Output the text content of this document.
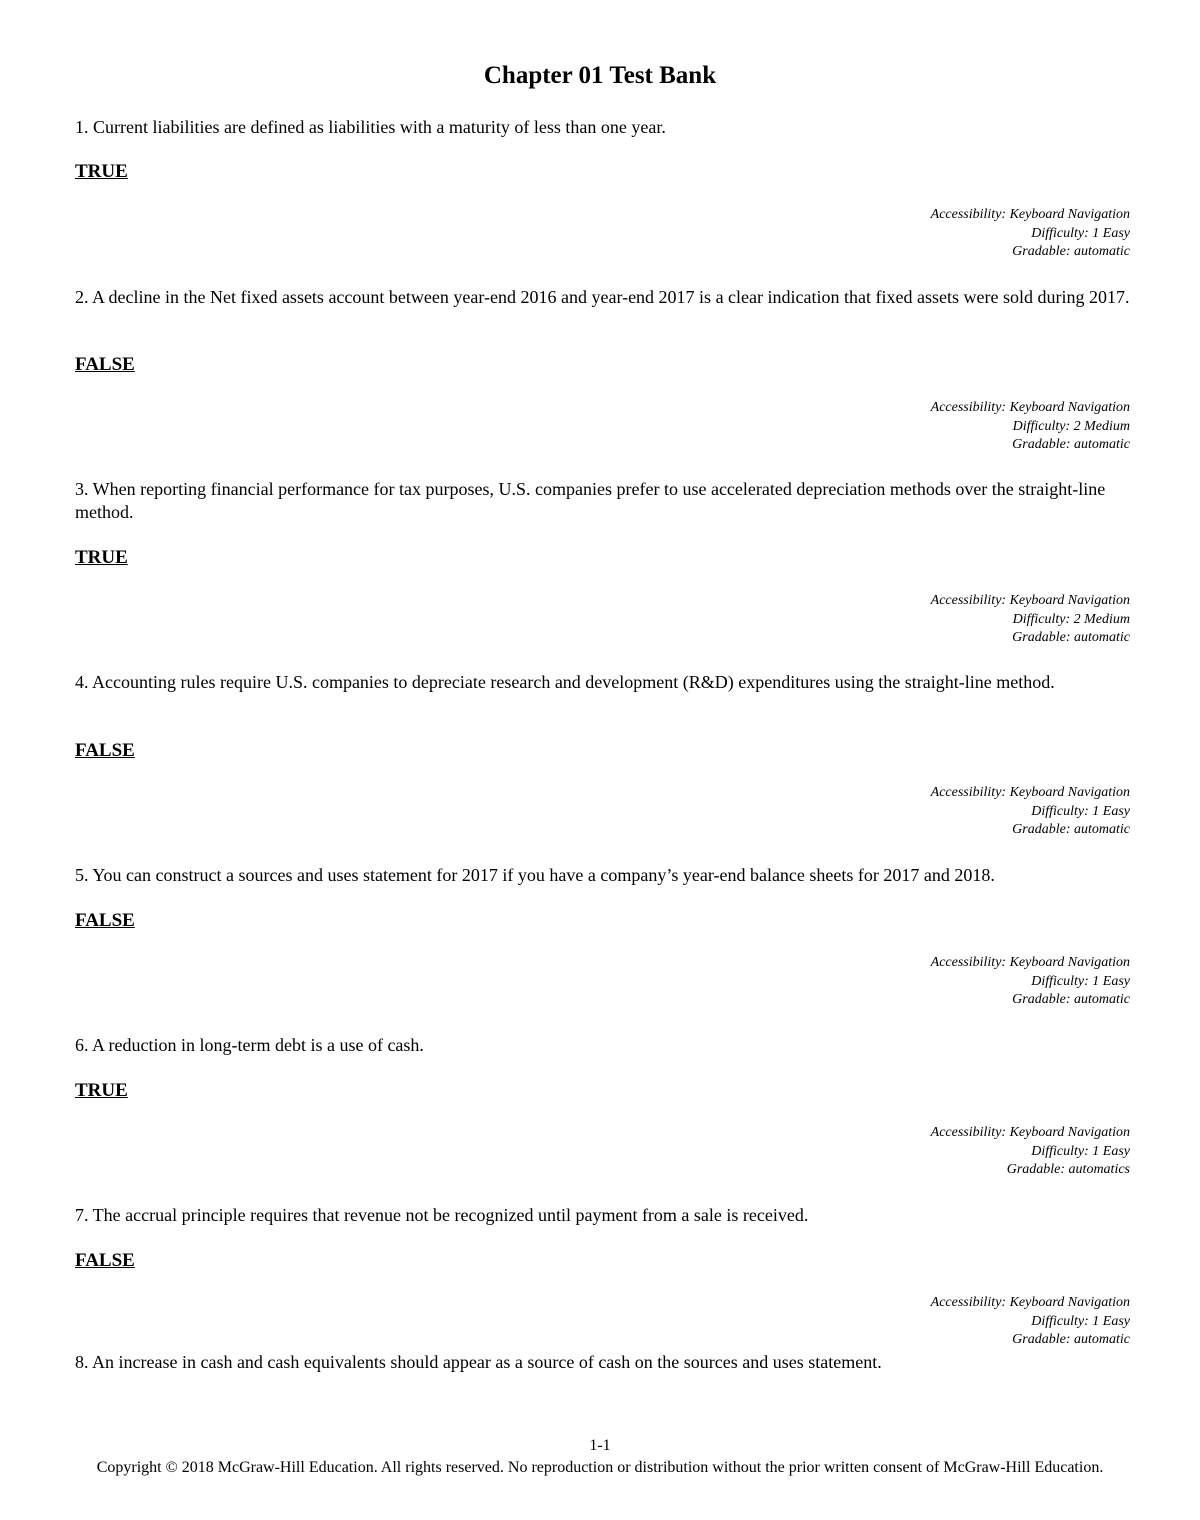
Chapter 01 Test Bank
1. Current liabilities are defined as liabilities with a maturity of less than one year.
TRUE
Accessibility: Keyboard Navigation
Difficulty: 1 Easy
Gradable: automatic
2. A decline in the Net fixed assets account between year-end 2016 and year-end 2017 is a clear indication that fixed assets were sold during 2017.
FALSE
Accessibility: Keyboard Navigation
Difficulty: 2 Medium
Gradable: automatic
3. When reporting financial performance for tax purposes, U.S. companies prefer to use accelerated depreciation methods over the straight-line method.
TRUE
Accessibility: Keyboard Navigation
Difficulty: 2 Medium
Gradable: automatic
4. Accounting rules require U.S. companies to depreciate research and development (R&D) expenditures using the straight-line method.
FALSE
Accessibility: Keyboard Navigation
Difficulty: 1 Easy
Gradable: automatic
5. You can construct a sources and uses statement for 2017 if you have a company’s year-end balance sheets for 2017 and 2018.
FALSE
Accessibility: Keyboard Navigation
Difficulty: 1 Easy
Gradable: automatic
6. A reduction in long-term debt is a use of cash.
TRUE
Accessibility: Keyboard Navigation
Difficulty: 1 Easy
Gradable: automatics
7. The accrual principle requires that revenue not be recognized until payment from a sale is received.
FALSE
Accessibility: Keyboard Navigation
Difficulty: 1 Easy
Gradable: automatic
8. An increase in cash and cash equivalents should appear as a source of cash on the sources and uses statement.
1-1
Copyright © 2018 McGraw-Hill Education. All rights reserved. No reproduction or distribution without the prior written consent of McGraw-Hill Education.
